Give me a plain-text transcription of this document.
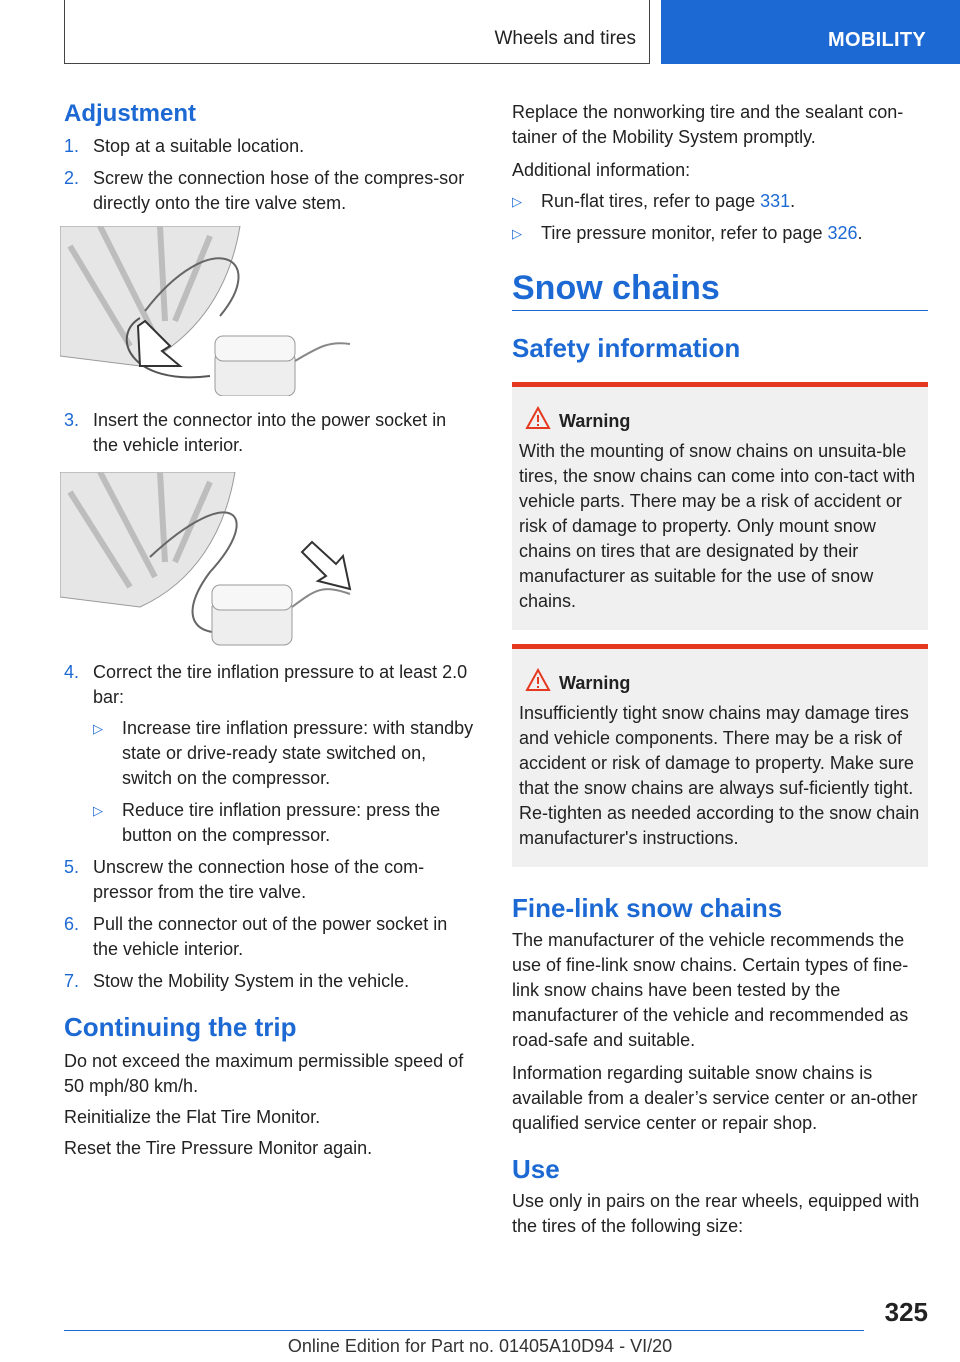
Wheels and tires	MOBILITY
Adjustment
1. Stop at a suitable location.
2. Screw the connection hose of the compres-sor directly onto the tire valve stem.
3. Insert the connector into the power socket in the vehicle interior.
4. Correct the tire inflation pressure to at least 2.0 bar:
▷ Increase tire inflation pressure: with standby state or drive-ready state switched on, switch on the compressor.
▷ Reduce tire inflation pressure: press the button on the compressor.
5. Unscrew the connection hose of the com-pressor from the tire valve.
6. Pull the connector out of the power socket in the vehicle interior.
7. Stow the Mobility System in the vehicle.
Continuing the trip

Do not exceed the maximum permissible speed of 50 mph/80 km/h.

Reinitialize the Flat Tire Monitor.

Reset the Tire Pressure Monitor again.

Replace the nonworking tire and the sealant con-tainer of the Mobility System promptly.

Additional information:

▷ Run-flat tires, refer to page 331.
▷ Tire pressure monitor, refer to page 326.
Snow chains
Safety information
Warning

With the mounting of snow chains on unsuita-ble tires, the snow chains can come into con-tact with vehicle parts. There may be a risk of accident or risk of damage to property. Only mount snow chains on tires that are designated by their manufacturer as suitable for the use of snow chains.

Warning

Insufficiently tight snow chains may damage tires and vehicle components. There may be a risk of accident or risk of damage to property. Make sure that the snow chains are always suf-ficiently tight. Re-tighten as needed according to the snow chain manufacturer's instructions.

Fine-link snow chains

The manufacturer of the vehicle recommends the use of fine-link snow chains. Certain types of fine-link snow chains have been tested by the manufacturer of the vehicle and recommended as road-safe and suitable.

Information regarding suitable snow chains is available from a dealer’s service center or an-other qualified service center or repair shop.

Use

Use only in pairs on the rear wheels, equipped with the tires of the following size:

325
Online Edition for Part no. 01405A10D94 - VI/20
